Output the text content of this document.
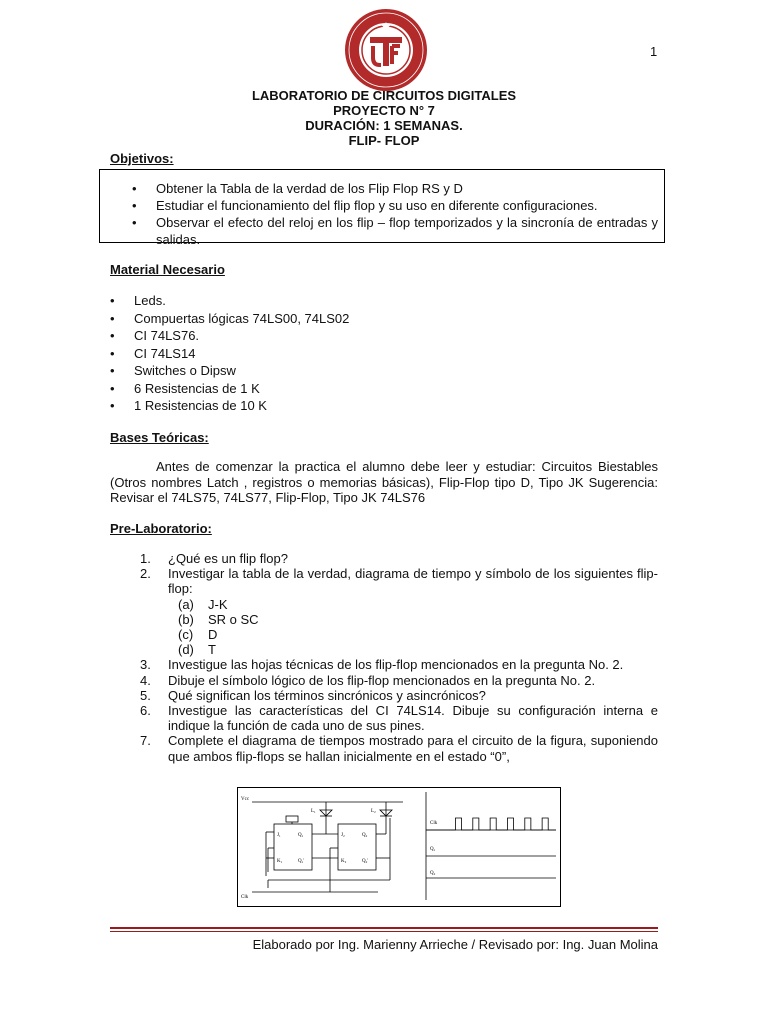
1
LABORATORIO DE CIRCUITOS DIGITALES
PROYECTO N° 7
DURACIÓN: 1 SEMANAS.
FLIP- FLOP
Objetivos:
• Obtener la Tabla de la verdad de los Flip Flop RS y D
• Estudiar el funcionamiento del flip flop y su uso en diferente configuraciones.
• Observar el efecto del reloj en los flip – flop temporizados y la sincronía de entradas y salidas.
Material Necesario
• Leds.
• Compuertas lógicas 74LS00, 74LS02
• CI 74LS76.
• CI 74LS14
• Switches o Dipsw
• 6 Resistencias de 1 K
• 1 Resistencias de 10 K
Bases Teóricas:
Antes de comenzar la practica el alumno debe leer y estudiar: Circuitos Biestables (Otros nombres Latch , registros o memorias básicas), Flip-Flop tipo D, Tipo JK Sugerencia: Revisar el 74LS75, 74LS77, Flip-Flop, Tipo JK 74LS76
Pre-Laboratorio:
1. ¿Qué es un flip flop?
2. Investigar la tabla de la verdad, diagrama de tiempo y símbolo de los siguientes flip-flop:
(a) J-K
(b) SR o SC
(c) D
(d) T
3. Investigue las hojas técnicas de los flip-flop mencionados en la pregunta No. 2.
4. Dibuje el símbolo lógico de los flip-flop mencionados en la pregunta No. 2.
5. Qué significan los términos sincrónicos y asincrónicos?
6. Investigue las características del CI 74LS14. Dibuje su configuración interna e indique la función de cada uno de sus pines.
7. Complete el diagrama de tiempos mostrado para el circuito de la figura, suponiendo que ambos flip-flops se hallan inicialmente en el estado “0”,
Vcc
Clk
J₁
K₁
Q₁
Q₁'
J₂
K₂
Q₂
Q₂'
L₁	L₂
Clk
Q₁
Q₂
Elaborado por Ing. Marienny Arrieche / Revisado por: Ing. Juan Molina
